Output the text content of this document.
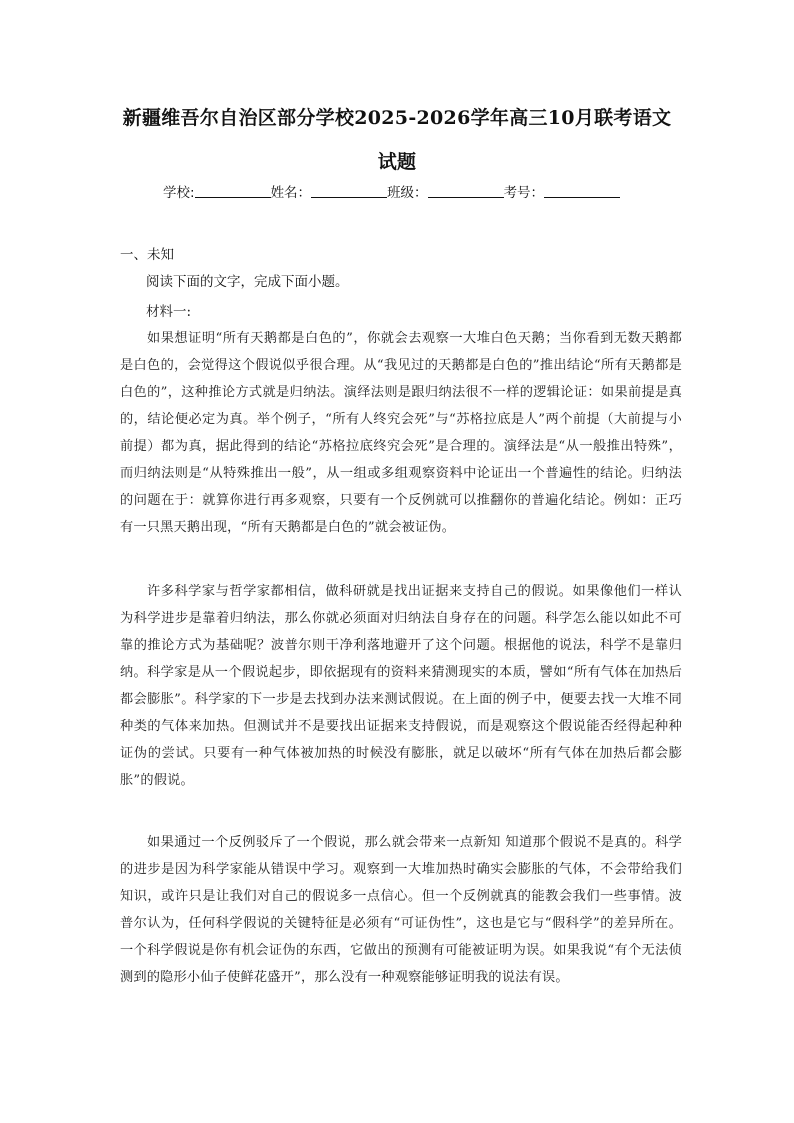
新疆维吾尔自治区部分学校2025-2026学年高三10月联考语文
试题
学校:	姓名：	班级：	考号：
一、未知
阅读下面的文字，完成下面小题。
材料一:

如果想证明“所有天鹅都是白色的”，你就会去观察一大堆白色天鹅；当你看到无数天鹅都是白色的，会觉得这个假说似乎很合理。从“我见过的天鹅都是白色的”推出结论“所有天鹅都是白色的”，这种推论方式就是归纳法。演绎法则是跟归纳法很不一样的逻辑论证：如果前提是真的，结论便必定为真。举个例子，“所有人终究会死”与“苏格拉底是人”两个前提（大前提与小前提）都为真，据此得到的结论“苏格拉底终究会死”是合理的。演绎法是“从一般推出特殊”，而归纳法则是“从特殊推出一般”，从一组或多组观察资料中论证出一个普遍性的结论。归纳法的问题在于：就算你进行再多观察，只要有一个反例就可以推翻你的普遍化结论。例如：正巧有一只黑天鹅出现，“所有天鹅都是白色的”就会被证伪。

许多科学家与哲学家都相信，做科研就是找出证据来支持自己的假说。如果像他们一样认为科学进步是靠着归纳法，那么你就必须面对归纳法自身存在的问题。科学怎么能以如此不可靠的推论方式为基础呢？波普尔则干净利落地避开了这个问题。根据他的说法，科学不是靠归纳。科学家是从一个假说起步，即依据现有的资料来猜测现实的本质，譬如“所有气体在加热后都会膨胀”。科学家的下一步是去找到办法来测试假说。在上面的例子中，便要去找一大堆不同种类的气体来加热。但测试并不是要找出证据来支持假说，而是观察这个假说能否经得起种种证伪的尝试。只要有一种气体被加热的时候没有膨胀，就足以破坏“所有气体在加热后都会膨胀”的假说。

如果通过一个反例驳斥了一个假说，那么就会带来一点新知 知道那个假说不是真的。科学的进步是因为科学家能从错误中学习。观察到一大堆加热时确实会膨胀的气体，不会带给我们知识，或许只是让我们对自己的假说多一点信心。但一个反例就真的能教会我们一些事情。波普尔认为，任何科学假说的关键特征是必须有“可证伪性”，这也是它与“假科学”的差异所在。一个科学假说是你有机会证伪的东西，它做出的预测有可能被证明为误。如果我说“有个无法侦测到的隐形小仙子使鲜花盛开”，那么没有一种观察能够证明我的说法有误。
